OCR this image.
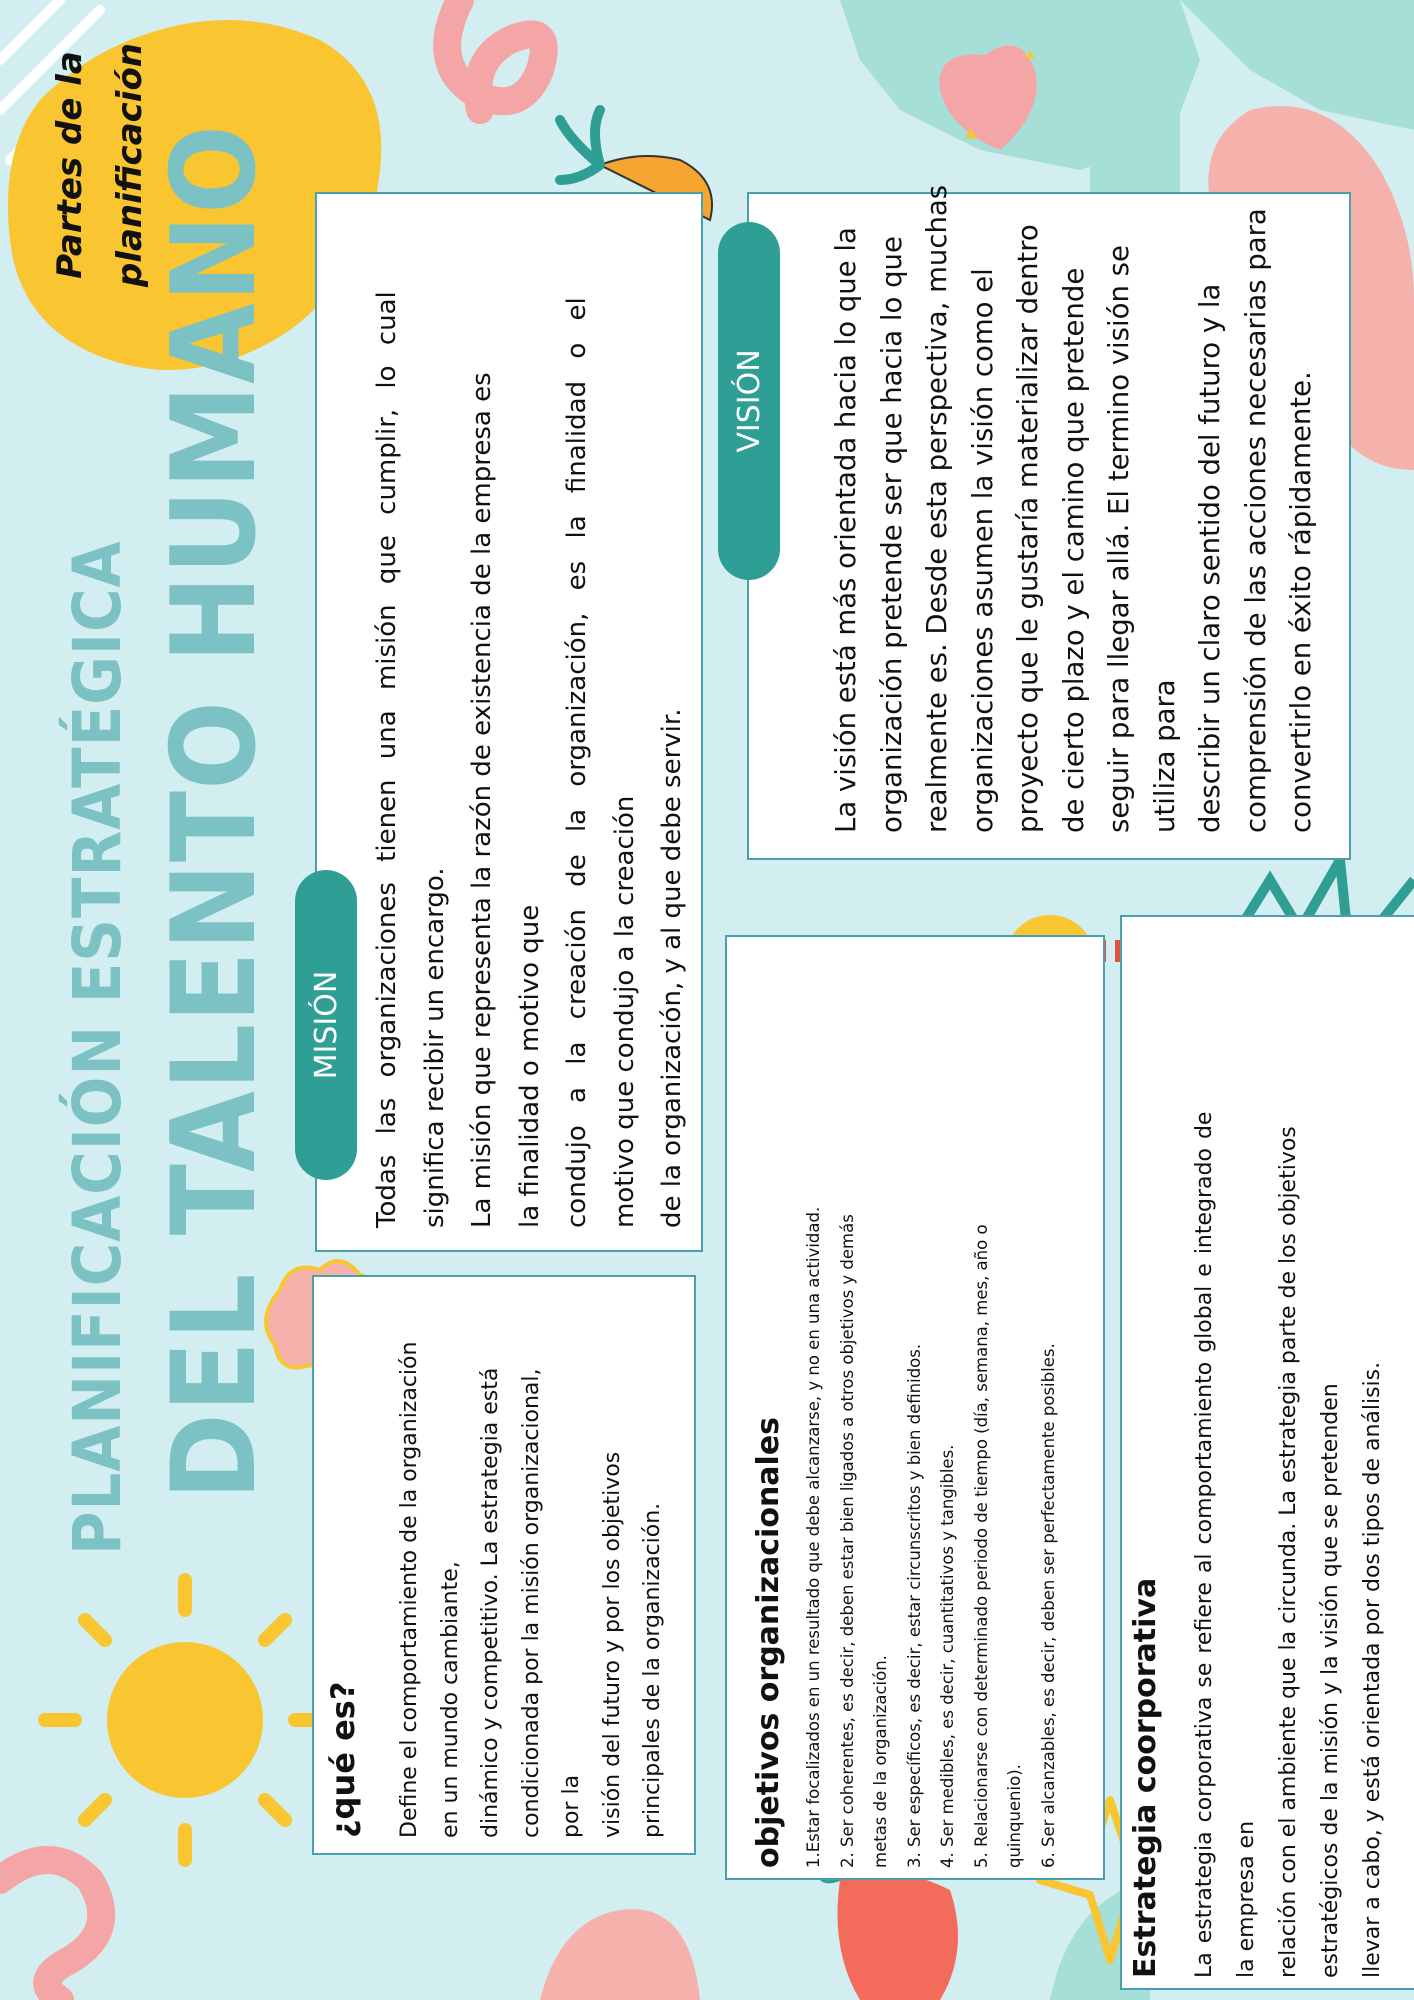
Partes de la planificación
PLANIFICACIÓN ESTRATÉGICA DEL TALENTO HUMANO
¿qué es?	Define el comportamiento de la organización en un mundo cambiante, dinámico y competitivo. La estrategia está condicionada por la misión organizacional, por la visión del futuro y por los objetivos principales de la organización.
Todas las organizaciones tienen una misión que cumplir, lo cual significa recibir un encargo. La misión que representa la razón de existencia de la empresa es la finalidad o motivo que condujo a la creación de la organización, es la finalidad o el motivo que condujo a la creación de la organización, y al que debe servir.
MISIÓN
La visión está más orientada hacia lo que la organización pretende ser que hacia lo que realmente es. Desde esta perspectiva, muchas organizaciones asumen la visión como el proyecto que le gustaría materializar dentro de cierto plazo y el camino que pretende seguir para llegar allá. El termino visión se utiliza para describir un claro sentido del futuro y la comprensión de las acciones necesarias para convertirlo en éxito rápidamente.
VISIÓN
objetivos organizacionales	1.Estar focalizados en un resultado que debe alcanzarse, y no en una actividad. 2. Ser coherentes, es decir, deben estar bien ligados a otros objetivos y demás metas de la organización. 3. Ser específicos, es decir, estar circunscritos y bien definidos. 4. Ser medibles, es decir, cuantitativos y tangibles. 5. Relacionarse con determinado periodo de tiempo (día, semana, mes, año o quinquenio). 6. Ser alcanzables, es decir, deben ser perfectamente posibles. Estrategia coorporativa	La estrategia corporativa se refiere al comportamiento global e integrado de la empresa en relación con el ambiente que la circunda. La estrategia parte de los objetivos estratégicos de la misión y la visión que se pretenden llevar a cabo, y está orientada por dos tipos de análisis.
